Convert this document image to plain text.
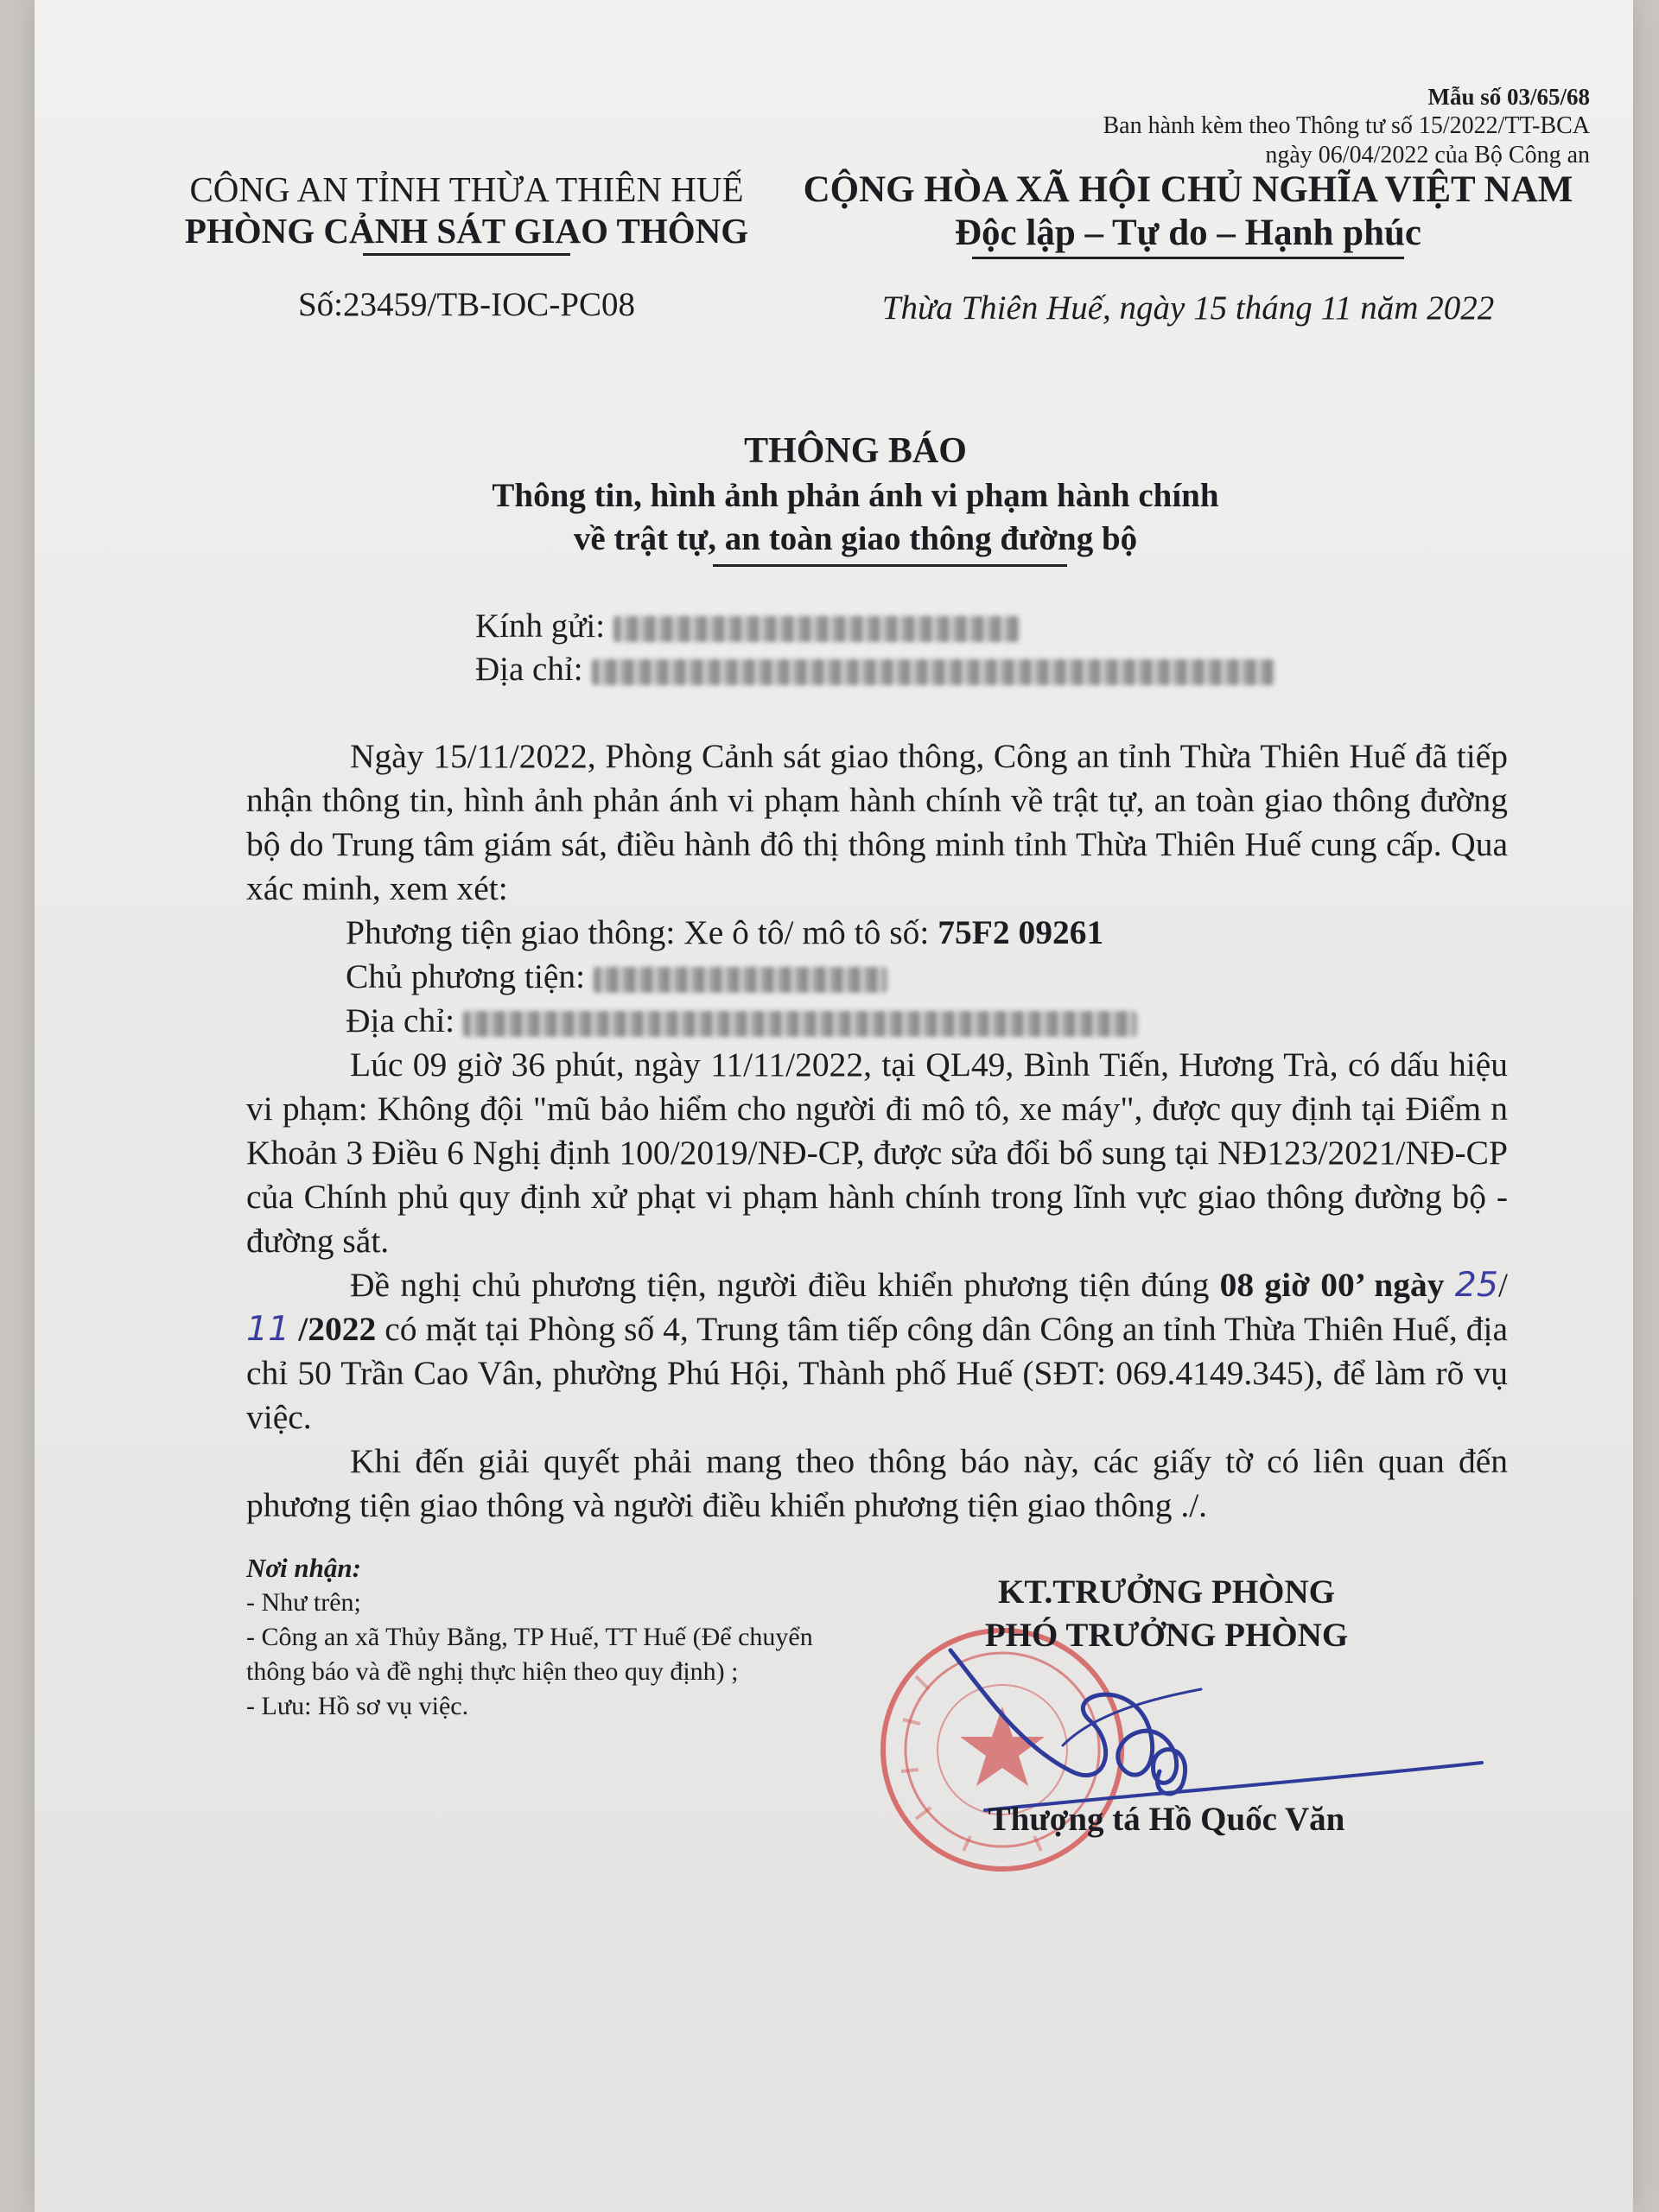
Mẫu số 03/65/68
Ban hành kèm theo Thông tư số 15/2022/TT-BCA
ngày 06/04/2022 của Bộ Công an
CÔNG AN TỈNH THỪA THIÊN HUẾ
PHÒNG CẢNH SÁT GIAO THÔNG
Số:23459/TB-IOC-PC08
CỘNG HÒA XÃ HỘI CHỦ NGHĨA VIỆT NAM
Độc lập – Tự do – Hạnh phúc
Thừa Thiên Huế, ngày 15 tháng 11 năm 2022
THÔNG BÁO
Thông tin, hình ảnh phản ánh vi phạm hành chính
về trật tự, an toàn giao thông đường bộ
Kính gửi:
Địa chỉ:
Ngày 15/11/2022, Phòng Cảnh sát giao thông, Công an tỉnh Thừa Thiên Huế đã tiếp nhận thông tin, hình ảnh phản ánh vi phạm hành chính về trật tự, an toàn giao thông đường bộ do Trung tâm giám sát, điều hành đô thị thông minh tỉnh Thừa Thiên Huế cung cấp. Qua xác minh, xem xét:
Phương tiện giao thông: Xe ô tô/ mô tô số: 75F2 09261
Chủ phương tiện:
Địa chỉ:
Lúc 09 giờ 36 phút, ngày 11/11/2022, tại QL49, Bình Tiến, Hương Trà, có dấu hiệu vi phạm: Không đội "mũ bảo hiểm cho người đi mô tô, xe máy", được quy định tại Điểm n Khoản 3 Điều 6 Nghị định 100/2019/NĐ-CP, được sửa đổi bổ sung tại NĐ123/2021/NĐ-CP của Chính phủ quy định xử phạt vi phạm hành chính trong lĩnh vực giao thông đường bộ - đường sắt.
Đề nghị chủ phương tiện, người điều khiển phương tiện đúng 08 giờ 00’ ngày 25/ 11 /2022 có mặt tại Phòng số 4, Trung tâm tiếp công dân Công an tỉnh Thừa Thiên Huế, địa chỉ 50 Trần Cao Vân, phường Phú Hội, Thành phố Huế (SĐT: 069.4149.345), để làm rõ vụ việc.
Khi đến giải quyết phải mang theo thông báo này, các giấy tờ có liên quan đến phương tiện giao thông và người điều khiển phương tiện giao thông ./.
Nơi nhận:
- Như trên;
- Công an xã Thủy Bằng, TP Huế, TT Huế (Để chuyển thông báo và đề nghị thực hiện theo quy định) ;
- Lưu: Hồ sơ vụ việc.
KT.TRƯỞNG PHÒNG
PHÓ TRƯỞNG PHÒNG
Thượng tá Hồ Quốc Văn
